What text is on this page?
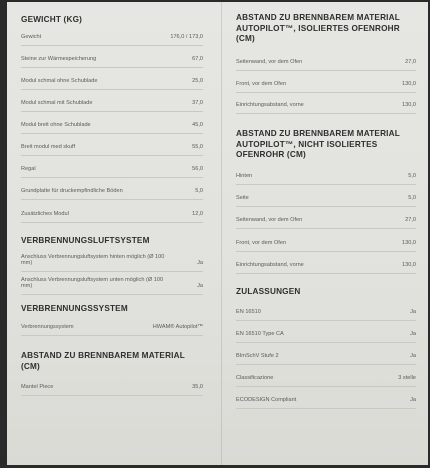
GEWICHT (KG)
Gewicht	176,0 / 173,0
Steine zur Wärmespeicherung	67,0
Modul schmal ohne Schublade	25,0
Modul schmal mit Schublade	37,0
Modul breit ohne Schublade	45,0
Breit modul med skuff	55,0
Regal	56,0
Grundplatte für druckempfindliche Böden	5,0
Zusätzliches Modul	12,0
VERBRENNUNGSLUFTSYSTEM
Anschluss Verbrennungsluftsystem hinten möglich (Ø 100 mm)	Ja
Anschluss Verbrennungsluftsystem unten möglich (Ø 100 mm)	Ja
VERBRENNUNGSSYSTEM
Verbrennungssystem	HWAM® Autopilot™
ABSTAND ZU BRENNBAREM MATERIAL (CM)
Mantel Piece	35,0
ABSTAND ZU BRENNBAREM MATERIAL AUTOPILOT™, ISOLIERTES OFENROHR (CM)
Seitenwand, vor dem Ofen	27,0
Front, vor dem Ofen	130,0
Einrichtungsabstand, vorne	130,0
ABSTAND ZU BRENNBAREM MATERIAL AUTOPILOT™, NICHT ISOLIERTES OFENROHR (CM)
Hinten	5,0
Seite	5,0
Seitenwand, vor dem Ofen	27,0
Front, vor dem Ofen	130,0
Einrichtungsabstand, vorne	130,0
ZULASSUNGEN
EN 16510	Ja
EN 16510 Type CA	Ja
BImSchV Stufe 2	Ja
Classificazione	3 stelle
ECODESIGN Compliant	Ja
